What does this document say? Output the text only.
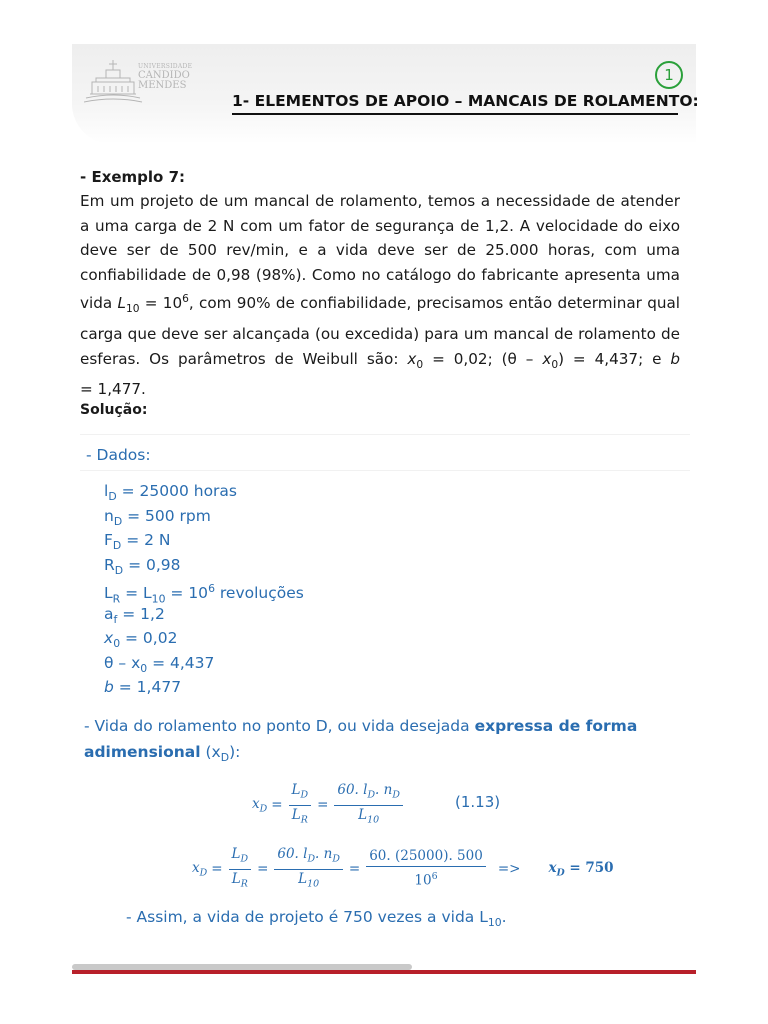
UNIVERSIDADE
CANDIDO
MENDES
1
1- ELEMENTOS DE APOIO – MANCAIS DE ROLAMENTO:
- Exemplo 7:
Em um projeto de um mancal de rolamento, temos a necessidade de atender a uma carga de 2 N com um fator de segurança de 1,2. A velocidade do eixo deve ser de 500 rev/min, e a vida deve ser de 25.000 horas, com uma confiabilidade de 0,98 (98%). Como no catálogo do fabricante apresenta uma vida $L_{10} = 10^6$, com 90% de confiabilidade, precisamos então determinar qual carga que deve ser alcançada (ou excedida) para um mancal de rolamento de esferas. Os parâmetros de Weibull são: $x_0 = 0,02$; $(\theta - x_0) = 4,437$; e b = 1,477.
Solução:
- Dados:
$l_D = 25000$ horas
$n_D = 500$ rpm
$F_D = 2$ N
$R_D = 0,98$
$L_R = L_{10} = 10^6$ revoluções
$a_f = 1,2$
$x_0 = 0,02$
$\theta - x_0 = 4,437$
b = 1,477
- Vida do rolamento no ponto D, ou vida desejada expressa de forma adimensional $(x_D)$:
$x_D = \frac{L_D}{L_R} = \frac{60. l_D. n_D}{L_{10}}$	(1.13)
$x_D = \frac{L_D}{L_R} = \frac{60. l_D. n_D}{L_{10}} = \frac{60. (25000). 500}{10^6} => x_D = 750$
- Assim, a vida de projeto é 750 vezes a vida $L_{10}$.
